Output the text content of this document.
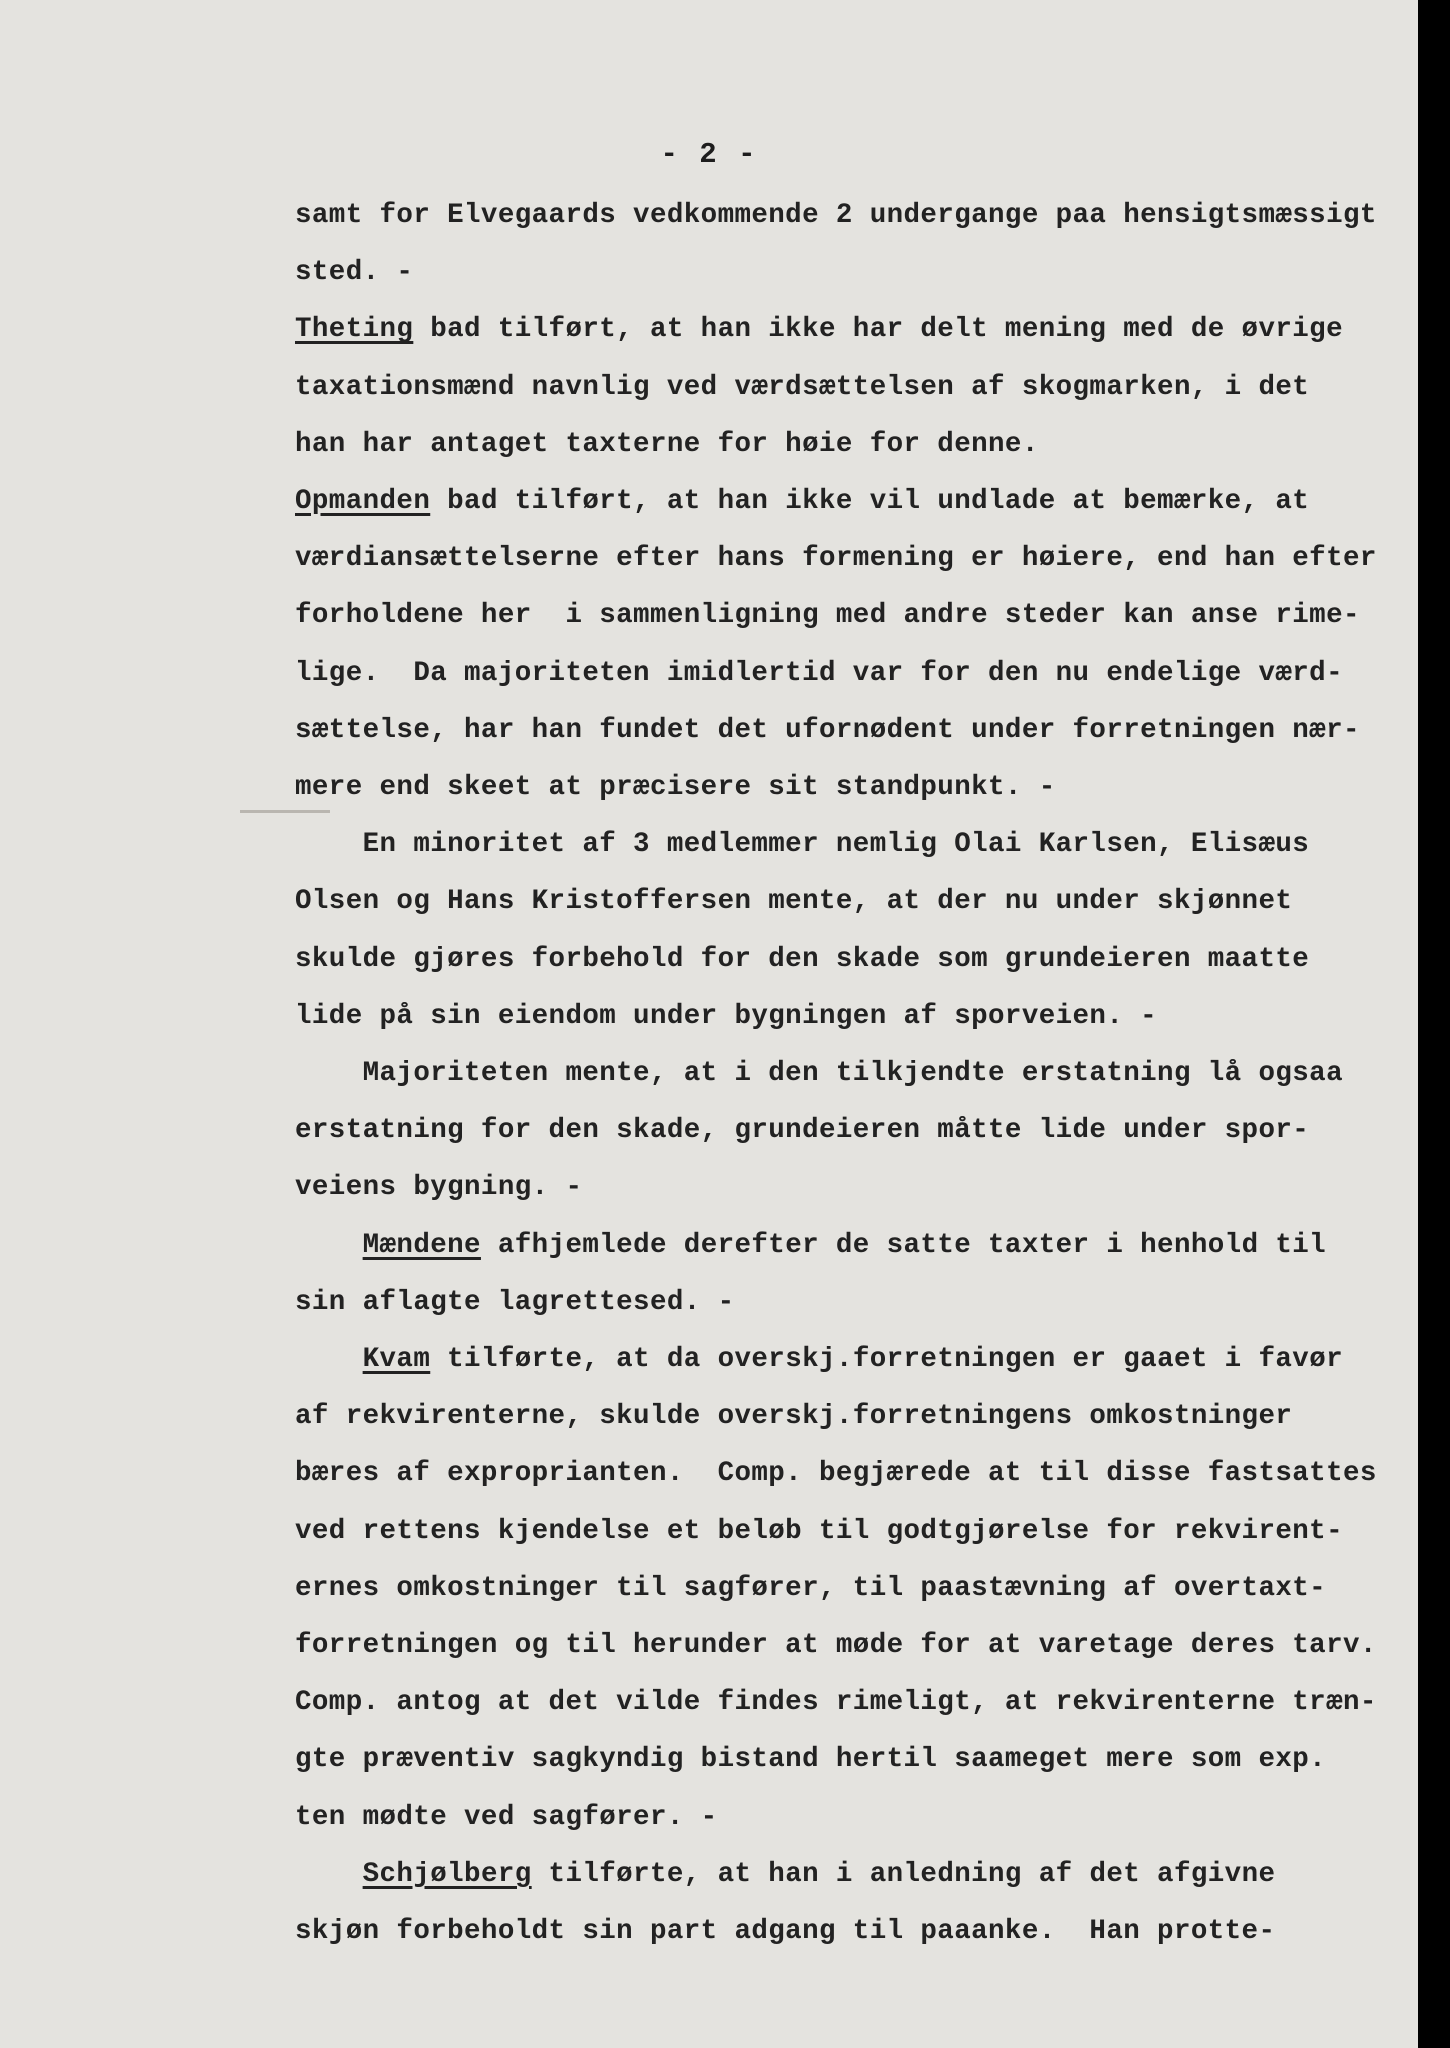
- 2 -
samt for Elvegaards vedkommende 2 undergange paa hensigtsmæssigt
sted. -
Theting bad tilført, at han ikke har delt mening med de øvrige
taxationsmænd navnlig ved værdsættelsen af skogmarken, i det
han har antaget taxterne for høie for denne.
Opmanden bad tilført, at han ikke vil undlade at bemærke, at
værdiansættelserne efter hans formening er høiere, end han efter
forholdene her  i sammenligning med andre steder kan anse rime-
lige.  Da majoriteten imidlertid var for den nu endelige værd-
sættelse, har han fundet det ufornødent under forretningen nær-
mere end skeet at præcisere sit standpunkt. -
En minoritet af 3 medlemmer nemlig Olai Karlsen, Elisæus
Olsen og Hans Kristoffersen mente, at der nu under skjønnet
skulde gjøres forbehold for den skade som grundeieren maatte
lide på sin eiendom under bygningen af sporveien. -
Majoriteten mente, at i den tilkjendte erstatning lå ogsaa
erstatning for den skade, grundeieren måtte lide under spor-
veiens bygning. -
Mændene afhjemlede derefter de satte taxter i henhold til
sin aflagte lagrettesed. -
Kvam tilførte, at da overskj.forretningen er gaaet i favør
af rekvirenterne, skulde overskj.forretningens omkostninger
bæres af exproprianten.  Comp. begjærede at til disse fastsattes
ved rettens kjendelse et beløb til godtgjørelse for rekvirent-
ernes omkostninger til sagfører, til paastævning af overtaxt-
forretningen og til herunder at møde for at varetage deres tarv.
Comp. antog at det vilde findes rimeligt, at rekvirenterne træn-
gte præventiv sagkyndig bistand hertil saameget mere som exp.
ten mødte ved sagfører. -
Schjølberg tilførte, at han i anledning af det afgivne
skjøn forbeholdt sin part adgang til paaanke.  Han protte-
